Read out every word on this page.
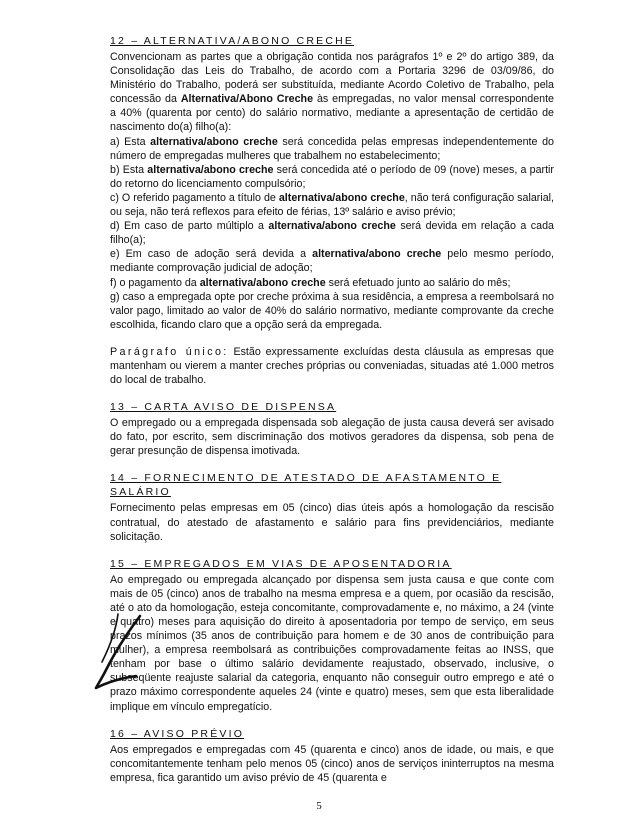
12 – ALTERNATIVA/ABONO CRECHE

Convencionam as partes que a obrigação contida nos parágrafos 1º e 2º do artigo 389, da Consolidação das Leis do Trabalho, de acordo com a Portaria 3296 de 03/09/86, do Ministério do Trabalho, poderá ser substituída, mediante Acordo Coletivo de Trabalho, pela concessão da Alternativa/Abono Creche às empregadas, no valor mensal correspondente a 40% (quarenta por cento) do salário normativo, mediante a apresentação de certidão de nascimento do(a) filho(a):

a) Esta alternativa/abono creche será concedida pelas empresas independentemente do número de empregadas mulheres que trabalhem no estabelecimento;

b) Esta alternativa/abono creche será concedida até o período de 09 (nove) meses, a partir do retorno do licenciamento compulsório;

c) O referido pagamento a título de alternativa/abono creche, não terá configuração salarial, ou seja, não terá reflexos para efeito de férias, 13º salário e aviso prévio;

d) Em caso de parto múltiplo a alternativa/abono creche será devida em relação a cada filho(a);

e) Em caso de adoção será devida a alternativa/abono creche pelo mesmo período, mediante comprovação judicial de adoção;

f) o pagamento da alternativa/abono creche será efetuado junto ao salário do mês;

g) caso a empregada opte por creche próxima à sua residência, a empresa a reembolsará no valor pago, limitado ao valor de 40% do salário normativo, mediante comprovante da creche escolhida, ficando claro que a opção será da empregada.

Parágrafo único: Estão expressamente excluídas desta cláusula as empresas que mantenham ou vierem a manter creches próprias ou conveniadas, situadas até 1.000 metros do local de trabalho.

13 – CARTA AVISO DE DISPENSA

O empregado ou a empregada dispensada sob alegação de justa causa deverá ser avisado do fato, por escrito, sem discriminação dos motivos geradores da dispensa, sob pena de gerar presunção de dispensa imotivada.

14 – FORNECIMENTO DE ATESTADO DE AFASTAMENTO E SALÁRIO

Fornecimento pelas empresas em 05 (cinco) dias úteis após a homologação da rescisão contratual, do atestado de afastamento e salário para fins previdenciários, mediante solicitação.

15 – EMPREGADOS EM VIAS DE APOSENTADORIA

Ao empregado ou empregada alcançado por dispensa sem justa causa e que conte com mais de 05 (cinco) anos de trabalho na mesma empresa e a quem, por ocasião da rescisão, até o ato da homologação, esteja concomitante, comprovadamente e, no máximo, a 24 (vinte e quatro) meses para aquisição do direito à aposentadoria por tempo de serviço, em seus prazos mínimos (35 anos de contribuição para homem e de 30 anos de contribuição para mulher), a empresa reembolsará as contribuições comprovadamente feitas ao INSS, que tenham por base o último salário devidamente reajustado, observado, inclusive, o subseqüente reajuste salarial da categoria, enquanto não conseguir outro emprego e até o prazo máximo correspondente aqueles 24 (vinte e quatro) meses, sem que esta liberalidade implique em vínculo empregatício.

16 – AVISO PRÉVIO

Aos empregados e empregadas com 45 (quarenta e cinco) anos de idade, ou mais, e que concomitantemente tenham pelo menos 05 (cinco) anos de serviços ininterruptos na mesma empresa, fica garantido um aviso prévio de 45 (quarenta e

5
